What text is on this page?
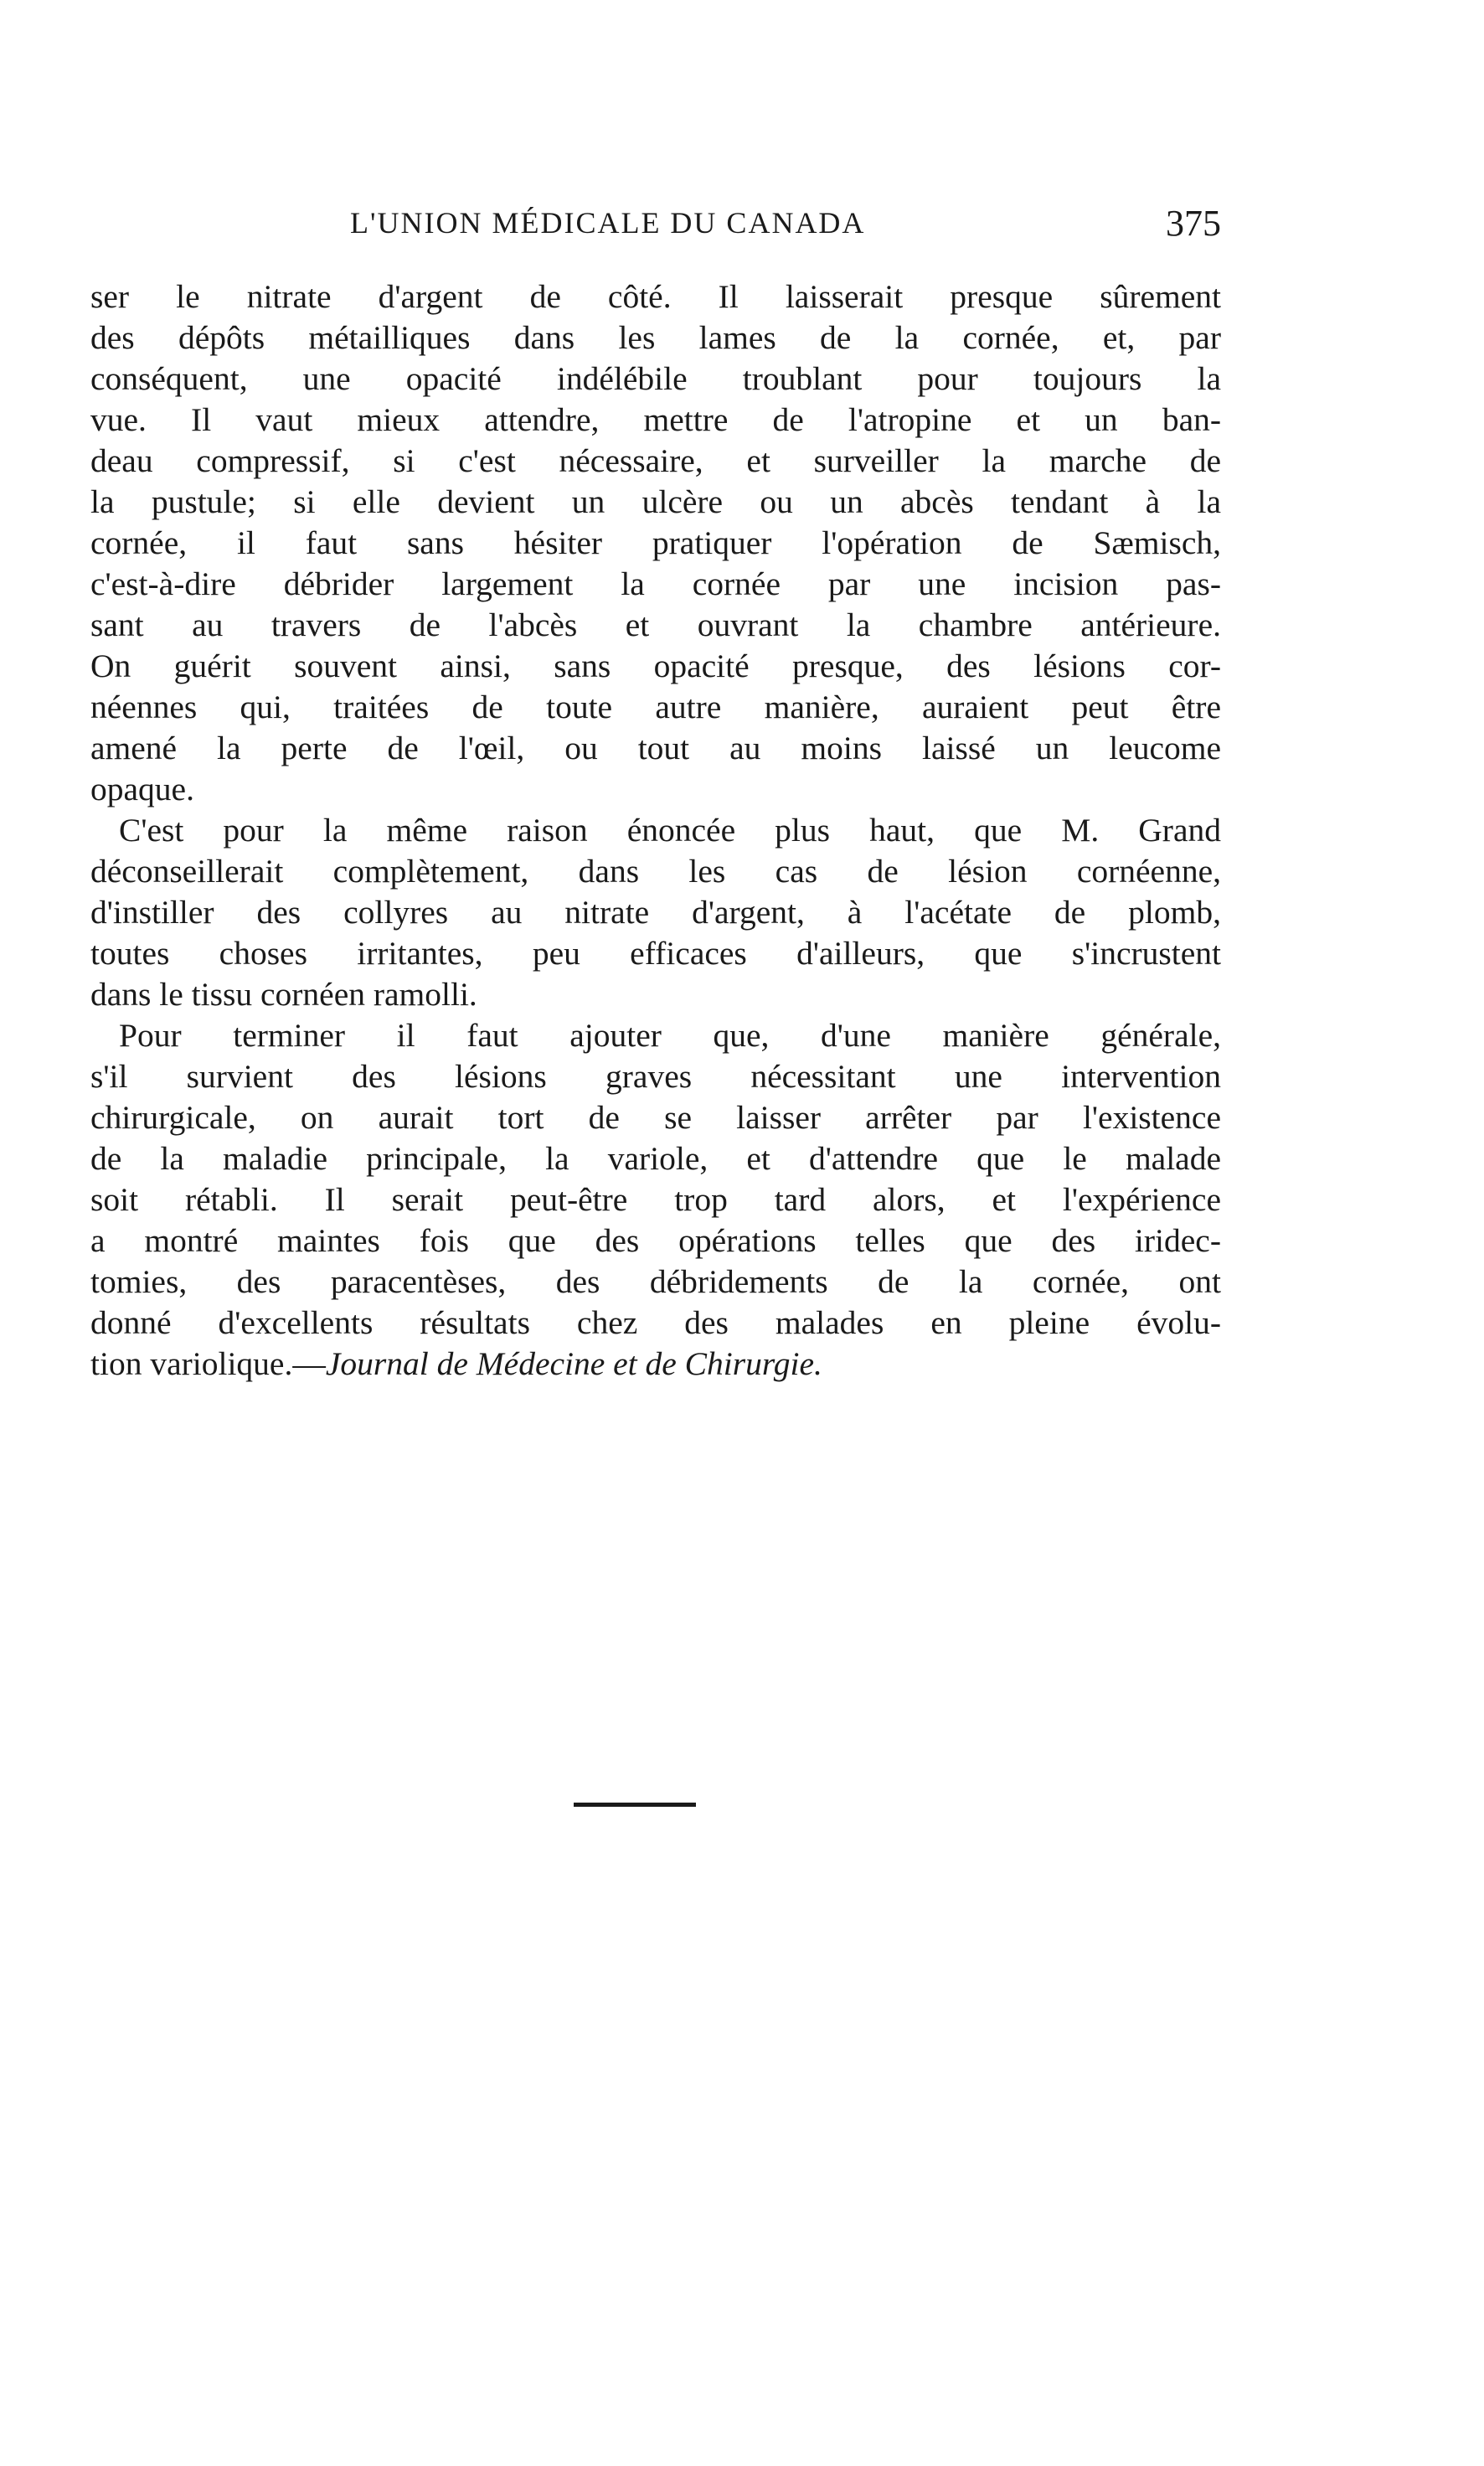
L'UNION MÉDICALE DU CANADA	375
ser le nitrate d'argent de côté. Il laisserait presque sûrement
des dépôts métailliques dans les lames de la cornée, et, par
conséquent, une opacité indélébile troublant pour toujours la
vue. Il vaut mieux attendre, mettre de l'atropine et un ban-
deau compressif, si c'est nécessaire, et surveiller la marche de
la pustule; si elle devient un ulcère ou un abcès tendant à la
cornée, il faut sans hésiter pratiquer l'opération de Sæmisch,
c'est-à-dire débrider largement la cornée par une incision pas-
sant au travers de l'abcès et ouvrant la chambre antérieure.
On guérit souvent ainsi, sans opacité presque, des lésions cor-
néennes qui, traitées de toute autre manière, auraient peut être
amené la perte de l'œil, ou tout au moins laissé un leucome
opaque.
C'est pour la même raison énoncée plus haut, que M. Grand
déconseillerait complètement, dans les cas de lésion cornéenne,
d'instiller des collyres au nitrate d'argent, à l'acétate de plomb,
toutes choses irritantes, peu efficaces d'ailleurs, que s'incrustent
dans le tissu cornéen ramolli.
Pour terminer il faut ajouter que, d'une manière générale,
s'il survient des lésions graves nécessitant une intervention
chirurgicale, on aurait tort de se laisser arrêter par l'existence
de la maladie principale, la variole, et d'attendre que le malade
soit rétabli. Il serait peut-être trop tard alors, et l'expérience
a montré maintes fois que des opérations telles que des iridec-
tomies, des paracentèses, des débridements de la cornée, ont
donné d'excellents résultats chez des malades en pleine évolu-
tion variolique.—Journal de Médecine et de Chirurgie.
